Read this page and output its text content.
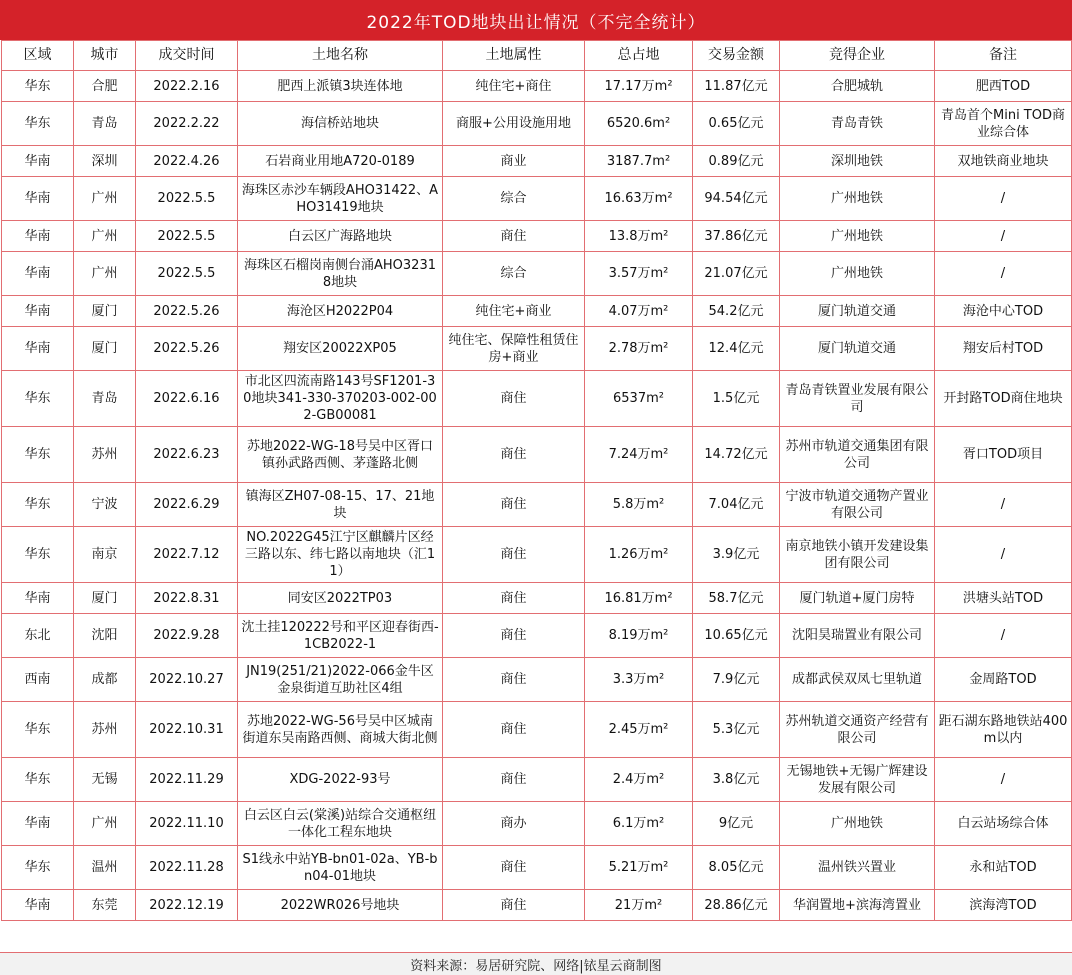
2022年TOD地块出让情况（不完全统计）
区域	城市	成交时间	土地名称	土地属性	总占地	交易金额	竞得企业	备注
华东	合肥	2022.2.16	肥西上派镇3块连体地	纯住宅+商住	17.17万m²	11.87亿元	合肥城轨	肥西TOD
华东	青岛	2022.2.22	海信桥站地块	商服+公用设施用地	6520.6m²	0.65亿元	青岛青铁	青岛首个Mini TOD商业综合体
华南	深圳	2022.4.26	石岩商业用地A720-0189	商业	3187.7m²	0.89亿元	深圳地铁	双地铁商业地块
华南	广州	2022.5.5	海珠区赤沙车辆段AHO31422、AHO31419地块	综合	16.63万m²	94.54亿元	广州地铁	/
华南	广州	2022.5.5	白云区广海路地块	商住	13.8万m²	37.86亿元	广州地铁	/
华南	广州	2022.5.5	海珠区石榴岗南侧台涌AHO32318地块	综合	3.57万m²	21.07亿元	广州地铁	/
华南	厦门	2022.5.26	海沧区H2022P04	纯住宅+商业	4.07万m²	54.2亿元	厦门轨道交通	海沧中心TOD
华南	厦门	2022.5.26	翔安区20022XP05	纯住宅、保障性租赁住房+商业	2.78万m²	12.4亿元	厦门轨道交通	翔安后村TOD
华东	青岛	2022.6.16	市北区四流南路143号SF1201-30地块341-330-370203-002-002-GB00081	商住	6537m²	1.5亿元	青岛青铁置业发展有限公司	开封路TOD商住地块
华东	苏州	2022.6.23	苏地2022-WG-18号吴中区胥口镇孙武路西侧、茅蓬路北侧	商住	7.24万m²	14.72亿元	苏州市轨道交通集团有限公司	胥口TOD项目
华东	宁波	2022.6.29	镇海区ZH07-08-15、17、21地块	商住	5.8万m²	7.04亿元	宁波市轨道交通物产置业有限公司	/
华东	南京	2022.7.12	NO.2022G45江宁区麒麟片区经三路以东、纬七路以南地块（汇11）	商住	1.26万m²	3.9亿元	南京地铁小镇开发建设集团有限公司	/
华南	厦门	2022.8.31	同安区2022TP03	商住	16.81万m²	58.7亿元	厦门轨道+厦门房特	洪塘头站TOD
东北	沈阳	2022.9.28	沈土挂120222号和平区迎春街西-1CB2022-1	商住	8.19万m²	10.65亿元	沈阳昊瑞置业有限公司	/
西南	成都	2022.10.27	JN19(251/21)2022-066金牛区金泉街道互助社区4组	商住	3.3万m²	7.9亿元	成都武侯双凤七里轨道	金周路TOD
华东	苏州	2022.10.31	苏地2022-WG-56号吴中区城南街道东吴南路西侧、商城大街北侧	商住	2.45万m²	5.3亿元	苏州轨道交通资产经营有限公司	距石湖东路地铁站400m以内
华东	无锡	2022.11.29	XDG-2022-93号	商住	2.4万m²	3.8亿元	无锡地铁+无锡广辉建设发展有限公司	/
华南	广州	2022.11.10	白云区白云(棠溪)站综合交通枢纽一体化工程东地块	商办	6.1万m²	9亿元	广州地铁	白云站场综合体
华东	温州	2022.11.28	S1线永中站YB-bn01-02a、YB-bn04-01地块	商住	5.21万m²	8.05亿元	温州铁兴置业	永和站TOD
华南	东莞	2022.12.19	2022WR026号地块	商住	21万m²	28.86亿元	华润置地+滨海湾置业	滨海湾TOD
资料来源：易居研究院、网络|铱星云商制图
